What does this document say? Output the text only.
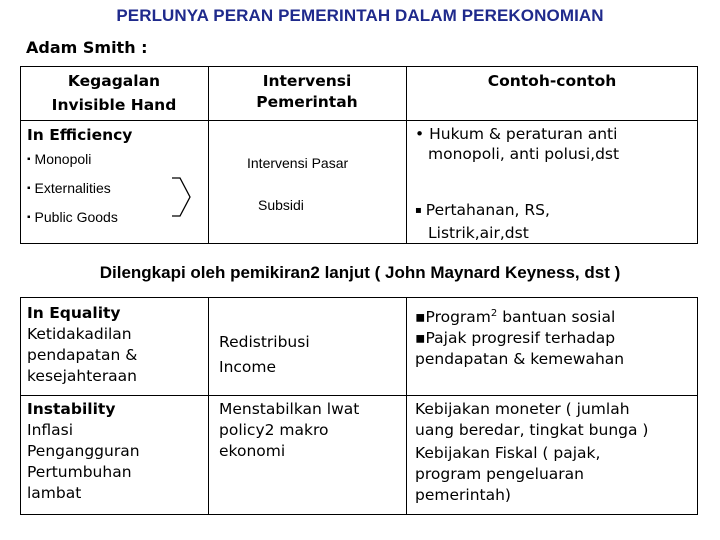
PERLUNYA PERAN PEMERINTAH DALAM PEREKONOMIAN
Adam Smith :
Kegagalan
Invisible Hand
Intervensi
Pemerintah
Contoh-contoh
In Efficiency
▪ Monopoli
▪ Externalities
▪ Public Goods
Intervensi Pasar
Subsidi
• Hukum & peraturan anti
monopoli, anti polusi,dst
▪ Pertahanan, RS,
Listrik,air,dst
Dilengkapi oleh pemikiran2 lanjut ( John Maynard Keyness, dst )
In Equality
Ketidakadilan
pendapatan &
kesejahteraan
Redistribusi
Income
▪Program$^2$ bantuan sosial
▪Pajak progresif terhadap
pendapatan & kemewahan
Instability
Inflasi
Pengangguran
Pertumbuhan
lambat
Menstabilkan lwat
policy2 makro
ekonomi
Kebijakan moneter ( jumlah
uang beredar, tingkat bunga )
Kebijakan Fiskal ( pajak,
program pengeluaran
pemerintah)
